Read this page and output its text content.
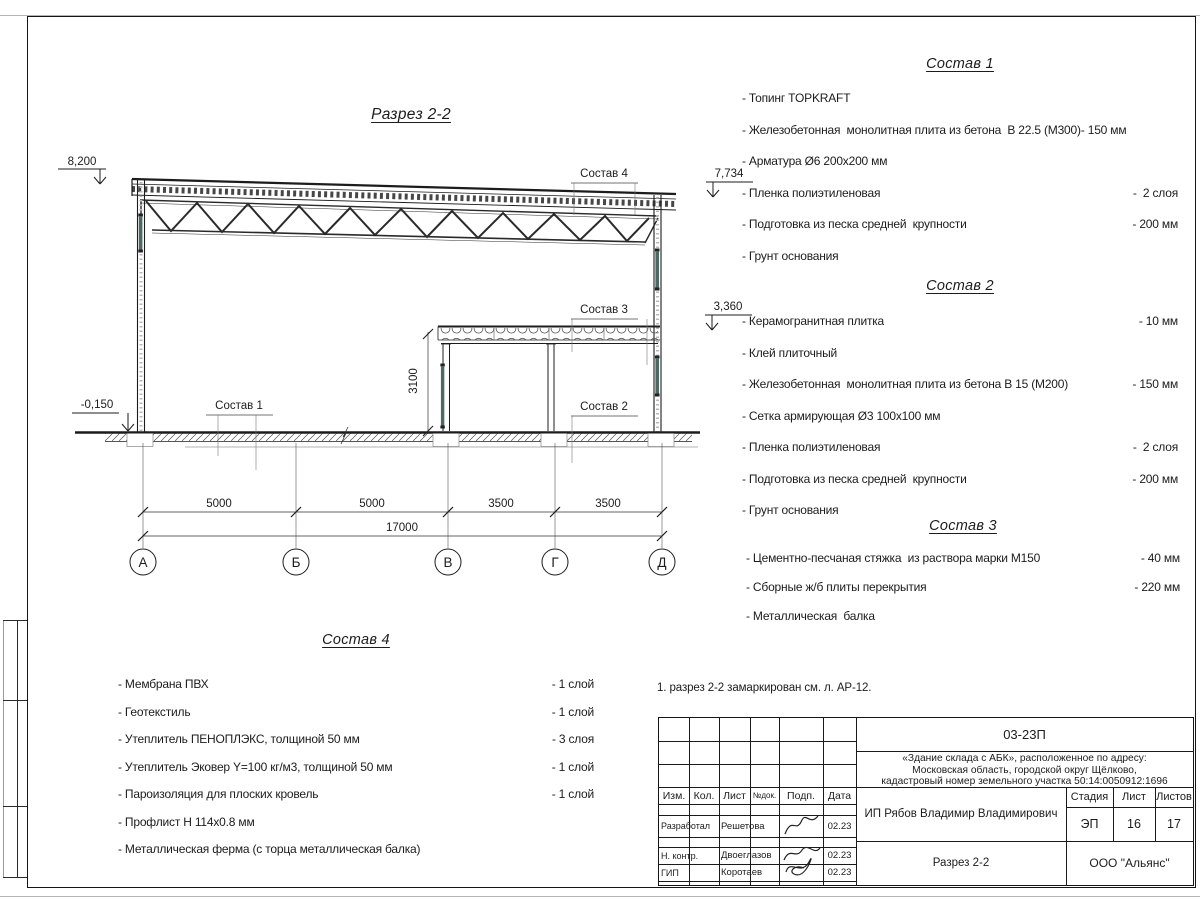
Разрез 2-2
3100
Состав 1	Состав 2
Состав 3
Состав 4
8,200
7,734
3,360
-0,150
5000	5000	3500	3500
17000
А	Б	В	Г	Д
Состав 1
- Топинг TOPKRAFT
- Железобетонная  монолитная плита из бетона  В 22.5 (М300)- 150 мм
- Арматура Ø6 200х200 мм
- Пленка полиэтиленовая	-  2 слоя
- Подготовка из песка средней  крупности	- 200 мм
- Грунт основания
Состав 2
- Керамогранитная плитка	- 10 мм
- Клей плиточный
- Железобетонная  монолитная плита из бетона В 15 (М200)	- 150 мм
- Сетка армирующая Ø3 100х100 мм
- Пленка полиэтиленовая	-  2 слоя
- Подготовка из песка средней  крупности	- 200 мм
- Грунт основания
Состав 3
- Цементно-песчаная стяжка  из раствора марки М150	- 40 мм
- Сборные ж/б плиты перекрытия	- 220 мм
- Металлическая  балка
Состав 4
- Мембрана ПВХ	- 1 слой
- Геотекстиль	- 1 слой
- Утеплитель ПЕНОПЛЭКС, толщиной 50 мм	- 3 слоя
- Утеплитель Эковер Y=100 кг/м3, толщиной 50 мм	- 1 слой
- Пароизоляция для плоских кровель	- 1 слой
- Профлист Н 114х0.8 мм
- Металлическая ферма (с торца металлическая балка)
1. разрез 2-2 замаркирован см. л. АР-12.
Изм. Кол. Лист №док.	Подп.	Дата
Разработал	Решетова	02.23
Н. контр.	Двоеглазов	02.23
ГИП	Коротаев	02.23
03-23П
«Здание склада с АБК», расположенное по адресу:
Московская область, городской округ Щёлково,
кадастровый номер земельного участка 50:14:0050912:1696
ИП Рябов Владимир Владимирович
Стадия	Лист Листов
ЭП	16	17
Разрез 2-2	ООО "Альянс"
